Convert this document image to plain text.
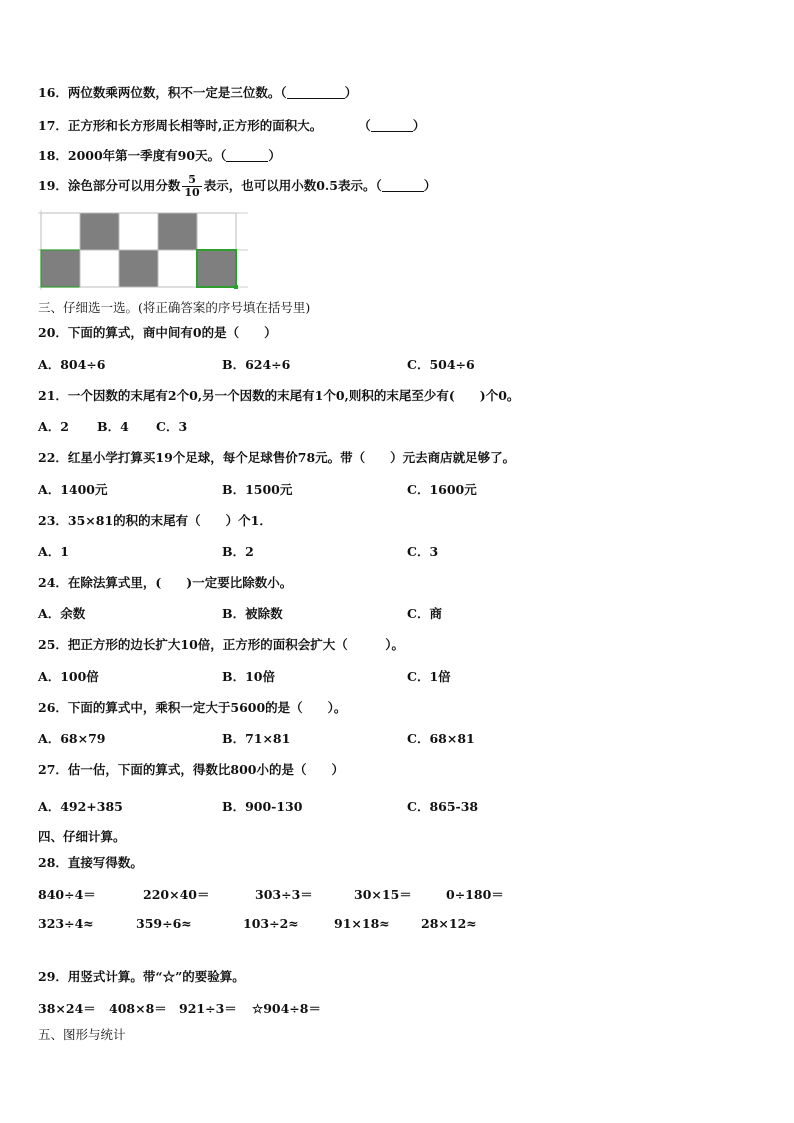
16．两位数乘两位数，积不一定是三位数。（	）
17．正方形和长方形周长相等时,正方形的面积大。	（	）
18．2000年第一季度有90天。（	）
19．涂色部分可以用分数 $\frac{5}{10}$ 表示，也可以用小数0.5表示。（	）
三、仔细选一选。(将正确答案的序号填在括号里)
20．下面的算式，商中间有0的是（　　）
A．804÷6	B．624÷6	C．504÷6
21．一个因数的末尾有2个0,另一个因数的末尾有1个0,则积的末尾至少有(　　)个0。
A．2 B．4 C．3
22．红星小学打算买19个足球，每个足球售价78元。带（　　）元去商店就足够了。
A．1400元	B．1500元	C．1600元
23．35×81的积的末尾有（　　）个1．
A．1	B．2	C．3
24．在除法算式里，(　　)一定要比除数小。
A．余数	B．被除数	C．商
25．把正方形的边长扩大10倍，正方形的面积会扩大（　　　）。
A．100倍	B．10倍	C．1倍
26．下面的算式中，乘积一定大于5600的是（　　）。
A．68×79	B．71×81	C．68×81
27．估一估，下面的算式，得数比800小的是（　　）
A．492+385	B．900-130	C．865-38
四、仔细计算。
28．直接写得数。
840÷4＝	220×40＝	303÷3＝	30×15＝	0÷180＝
323÷4≈	359÷6≈	103÷2≈	91×18≈	28×12≈
29．用竖式计算。带“☆”的要验算。
38×24＝ 408×8＝ 921÷3＝ ☆904÷8＝
五、图形与统计
